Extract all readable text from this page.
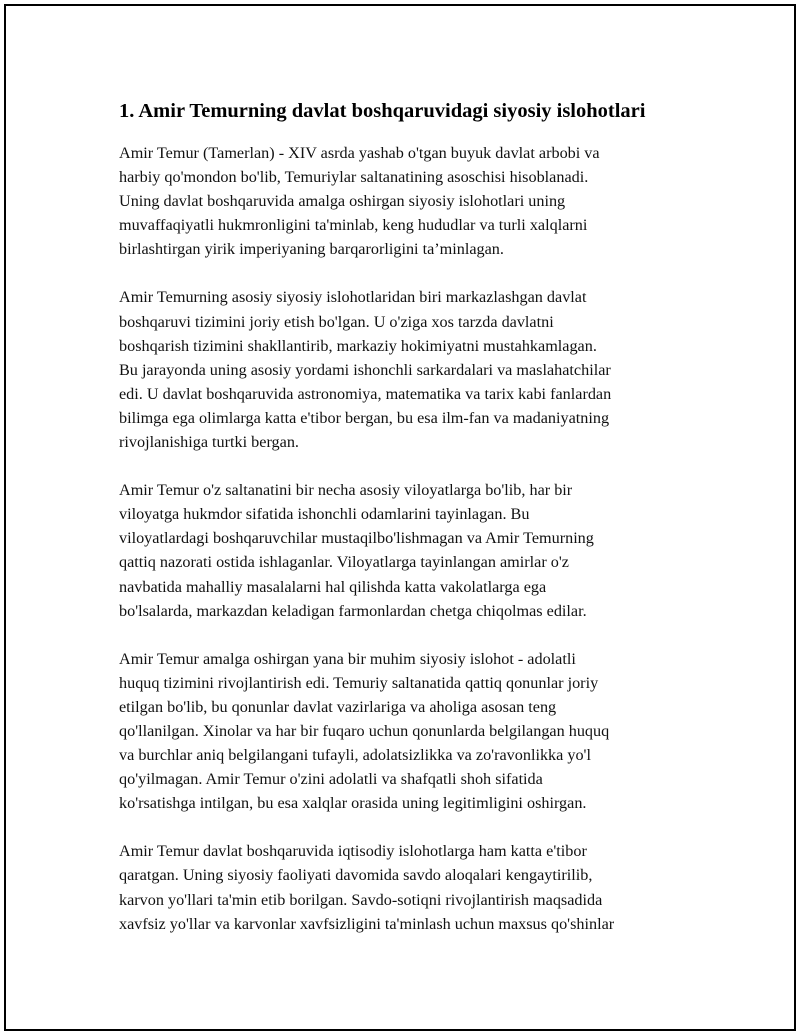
1. Amir Temurning davlat boshqaruvidagi siyosiy islohotlari

Amir Temur (Tamerlan) - XIV asrda yashab o'tgan buyuk davlat arbobi va
harbiy qo'mondon bo'lib, Temuriylar saltanatining asoschisi hisoblanadi.
Uning davlat boshqaruvida amalga oshirgan siyosiy islohotlari uning
muvaffaqiyatli hukmronligini ta'minlab, keng hududlar va turli xalqlarni
birlashtirgan yirik imperiyaning barqarorligini ta’minlagan.

Amir Temurning asosiy siyosiy islohotlaridan biri markazlashgan davlat
boshqaruvi tizimini joriy etish bo'lgan. U o'ziga xos tarzda davlatni
boshqarish tizimini shakllantirib, markaziy hokimiyatni mustahkamlagan.
Bu jarayonda uning asosiy yordami ishonchli sarkardalari va maslahatchilar
edi. U davlat boshqaruvida astronomiya, matematika va tarix kabi fanlardan
bilimga ega olimlarga katta e'tibor bergan, bu esa ilm-fan va madaniyatning
rivojlanishiga turtki bergan.

Amir Temur o'z saltanatini bir necha asosiy viloyatlarga bo'lib, har bir
viloyatga hukmdor sifatida ishonchli odamlarini tayinlagan. Bu
viloyatlardagi boshqaruvchilar mustaqilbo'lishmagan va Amir Temurning
qattiq nazorati ostida ishlaganlar. Viloyatlarga tayinlangan amirlar o'z
navbatida mahalliy masalalarni hal qilishda katta vakolatlarga ega
bo'lsalarda, markazdan keladigan farmonlardan chetga chiqolmas edilar.

Amir Temur amalga oshirgan yana bir muhim siyosiy islohot - adolatli
huquq tizimini rivojlantirish edi. Temuriy saltanatida qattiq qonunlar joriy
etilgan bo'lib, bu qonunlar davlat vazirlariga va aholiga asosan teng
qo'llanilgan. Xinolar va har bir fuqaro uchun qonunlarda belgilangan huquq
va burchlar aniq belgilangani tufayli, adolatsizlikka va zo'ravonlikka yo'l
qo'yilmagan. Amir Temur o'zini adolatli va shafqatli shoh sifatida
ko'rsatishga intilgan, bu esa xalqlar orasida uning legitimligini oshirgan.

Amir Temur davlat boshqaruvida iqtisodiy islohotlarga ham katta e'tibor
qaratgan. Uning siyosiy faoliyati davomida savdo aloqalari kengaytirilib,
karvon yo'llari ta'min etib borilgan. Savdo-sotiqni rivojlantirish maqsadida
xavfsiz yo'llar va karvonlar xavfsizligini ta'minlash uchun maxsus qo'shinlar
